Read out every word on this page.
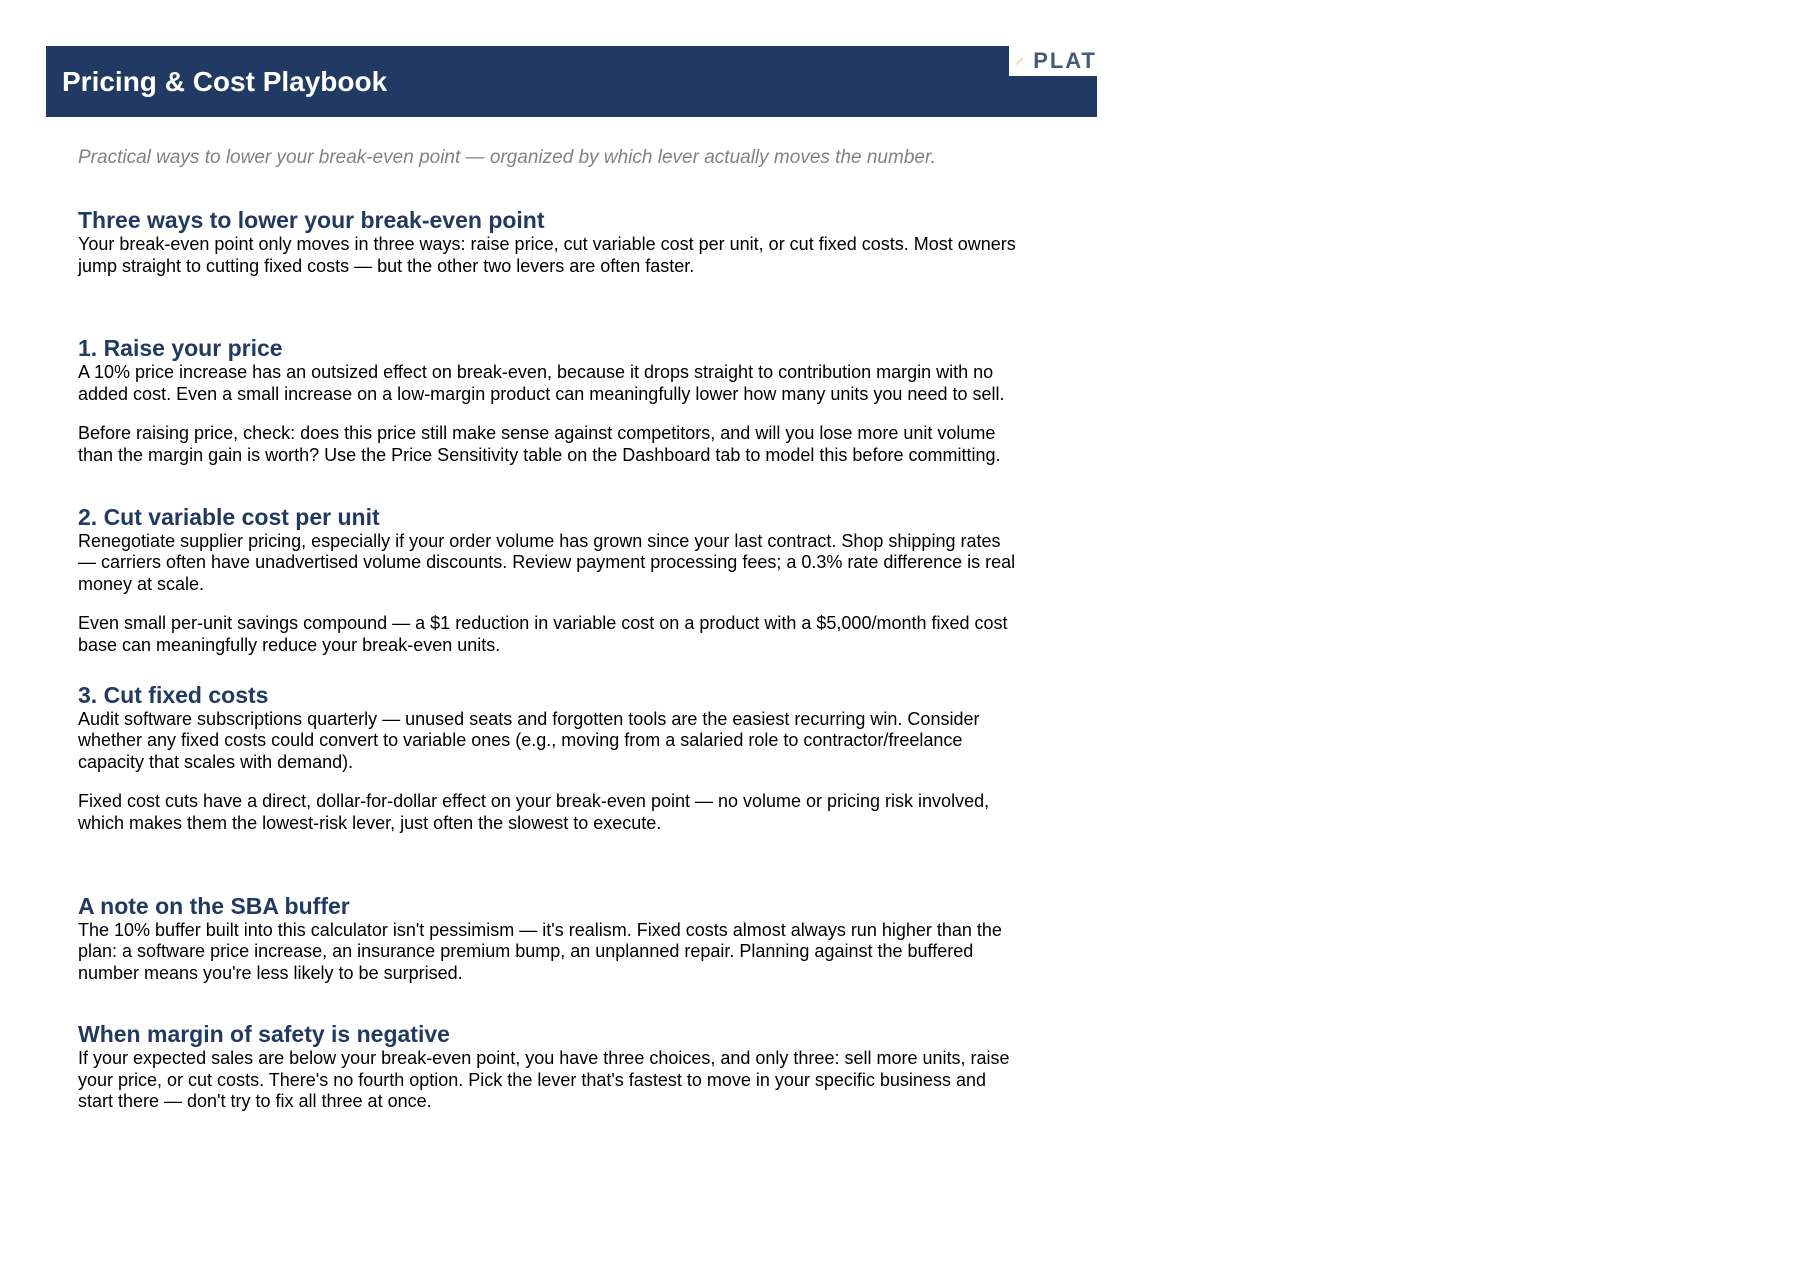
Pricing & Cost Playbook
PLAT

Practical ways to lower your break-even point — organized by which lever actually moves the number.

Three ways to lower your break-even point

Your break-even point only moves in three ways: raise price, cut variable cost per unit, or cut fixed costs. Most owners jump straight to cutting fixed costs — but the other two levers are often faster.

1. Raise your price

A 10% price increase has an outsized effect on break-even, because it drops straight to contribution margin with no added cost. Even a small increase on a low-margin product can meaningfully lower how many units you need to sell.

Before raising price, check: does this price still make sense against competitors, and will you lose more unit volume than the margin gain is worth? Use the Price Sensitivity table on the Dashboard tab to model this before committing.

2. Cut variable cost per unit

Renegotiate supplier pricing, especially if your order volume has grown since your last contract. Shop shipping rates — carriers often have unadvertised volume discounts. Review payment processing fees; a 0.3% rate difference is real money at scale.

Even small per-unit savings compound — a $1 reduction in variable cost on a product with a $5,000/month fixed cost base can meaningfully reduce your break-even units.

3. Cut fixed costs

Audit software subscriptions quarterly — unused seats and forgotten tools are the easiest recurring win. Consider whether any fixed costs could convert to variable ones (e.g., moving from a salaried role to contractor/freelance capacity that scales with demand).

Fixed cost cuts have a direct, dollar-for-dollar effect on your break-even point — no volume or pricing risk involved, which makes them the lowest-risk lever, just often the slowest to execute.

A note on the SBA buffer

The 10% buffer built into this calculator isn't pessimism — it's realism. Fixed costs almost always run higher than the plan: a software price increase, an insurance premium bump, an unplanned repair. Planning against the buffered number means you're less likely to be surprised.

When margin of safety is negative

If your expected sales are below your break-even point, you have three choices, and only three: sell more units, raise your price, or cut costs. There's no fourth option. Pick the lever that's fastest to move in your specific business and start there — don't try to fix all three at once.
